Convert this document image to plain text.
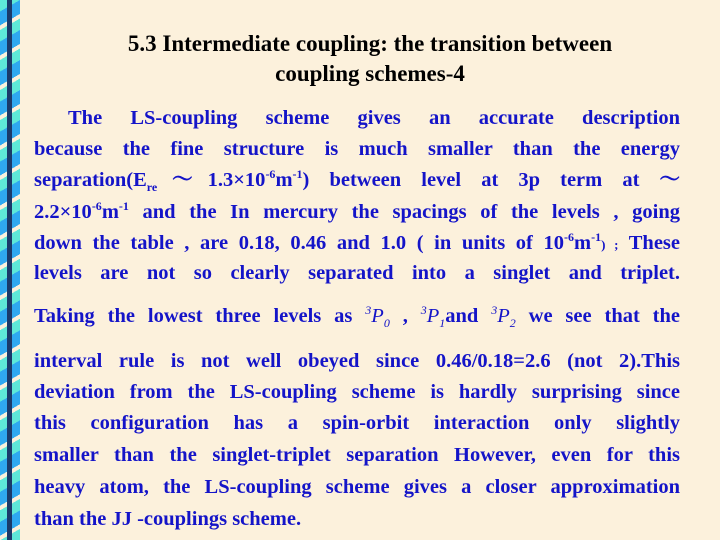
5.3 Intermediate coupling: the transition between
coupling schemes-4
The LS-coupling scheme gives an accurate description
because the fine structure is much smaller than the energy
$separation(E_{re}\sim 1.3\times 10^{-6}m^{-1})$ between level at 3p term at ～
$2.2\times 10^{-6}m^{-1}$ and the In mercury the spacings of the levels , going
down the table , are 0.18, 0.46 and 1.0 ( in units of $10^{-6}m^{-1}$) ; These
levels are not so clearly separated into a singlet and triplet.
Taking the lowest three levels as $^3P_0$ , $^3P_1and$ $^3P_2$ we see that the
interval rule is not well obeyed since 0.46/0.18=2.6 (not 2).This
deviation from the LS-coupling scheme is hardly surprising since
this configuration has a spin-orbit interaction only slightly
smaller than the singlet-triplet separation However, even for this
heavy atom, the LS-coupling scheme gives a closer approximation
than the JJ -couplings scheme.
